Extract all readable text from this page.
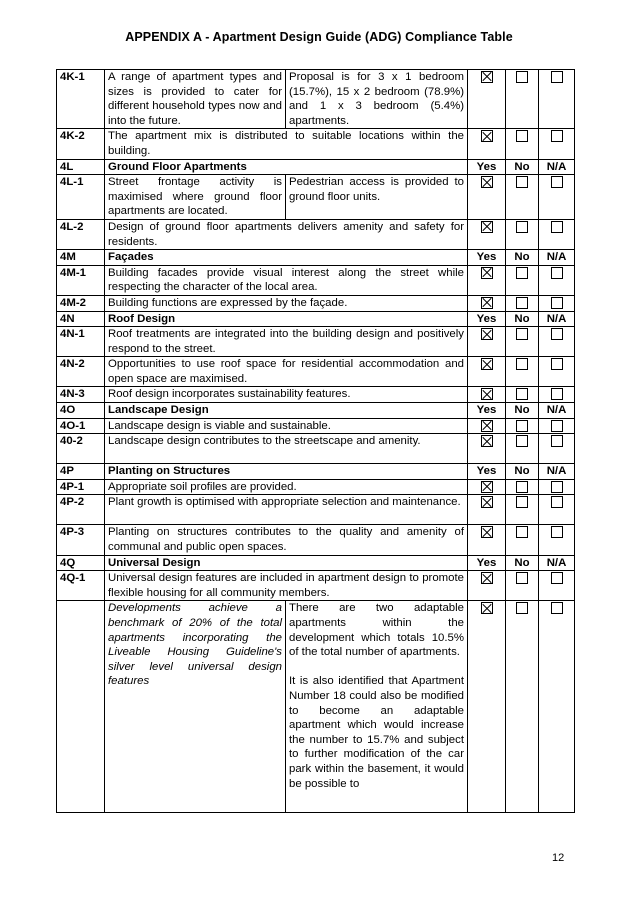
APPENDIX A - Apartment Design Guide (ADG) Compliance Table
4K-1	A range of apartment types and sizes is provided to cater for different household types now and into the future.	Proposal is for 3 x 1 bedroom (15.7%), 15 x 2 bedroom (78.9%) and 1 x 3 bedroom (5.4%) apartments.			
4K-2	The apartment mix is distributed to suitable locations within the building.				
4L	Ground Floor Apartments		Yes	No	N/A
4L-1	Street frontage activity is maximised where ground floor apartments are located.	Pedestrian access is provided to ground floor units.			
4L-2	Design of ground floor apartments delivers amenity and safety for residents.				
4M	Façades		Yes	No	N/A
4M-1	Building facades provide visual interest along the street while respecting the character of the local area.				
4M-2	Building functions are expressed by the façade.				
4N	Roof Design		Yes	No	N/A
4N-1	Roof treatments are integrated into the building design and positively respond to the street.				
4N-2	Opportunities to use roof space for residential accommodation and open space are maximised.				
4N-3	Roof design incorporates sustainability features.				
4O	Landscape Design		Yes	No	N/A
4O-1	Landscape design is viable and sustainable.				
40-2	Landscape design contributes to the streetscape and amenity.				
4P	Planting on Structures		Yes	No	N/A
4P-1	Appropriate soil profiles are provided.				
4P-2	Plant growth is optimised with appropriate selection and maintenance.				
4P-3	Planting on structures contributes to the quality and amenity of communal and public open spaces.				
4Q	Universal Design		Yes	No	N/A
4Q-1	Universal design features are included in apartment design to promote flexible housing for all community members.				
	Developments achieve a benchmark of 20% of the total apartments incorporating the Liveable Housing Guideline's silver level universal design features	There are two adaptable apartments within the development which totals 10.5% of the total number of apartments.
It is also identified that Apartment Number 18 could also be modified to become an adaptable apartment which would increase the number to 15.7% and subject to further modification of the car park within the basement, it would be possible to			

12
